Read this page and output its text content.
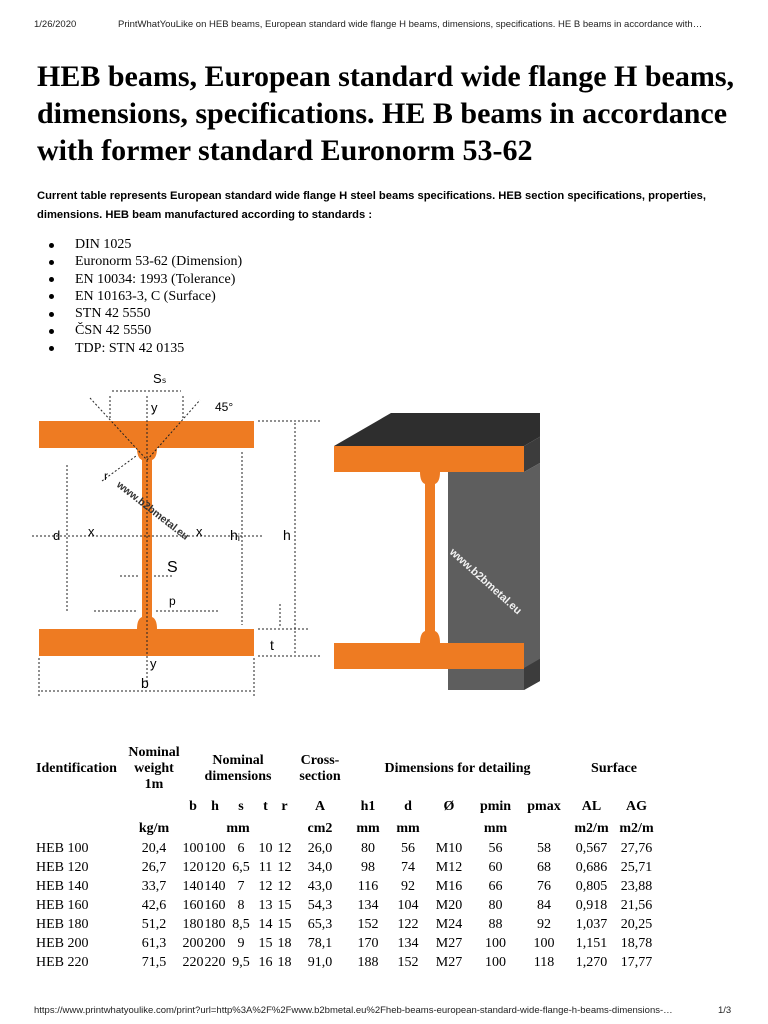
1/26/2020	PrintWhatYouLike on HEB beams, European standard wide flange H beams, dimensions, specifications. HE B beams in accordance with…
HEB beams, European standard wide flange H beams, dimensions, specifications. HE B beams in accordance with former standard Euronorm 53-62

Current table represents European standard wide flange H steel beams specifications. HEB section specifications, properties, dimensions. HEB beam manufactured according to standards :

DIN 1025
Euronorm 53-62 (Dimension)
EN 10034: 1993 (Tolerance)
EN 10163-3, C (Surface)
STN 42 5550
ČSN 42 5550
TDP: STN 42 0135
Sₛ
y	45°
r
d x	x
S
p
hᵢ	h
t
y
b
www.b2bmetal.eu
www.b2bmetal.eu
Identification	Nominal weight 1m	Nominal dimensions					Cross-section	Dimensions for detailing					Surface	
		b	h	s	t	r	A	h1	d	Ø	pmin	pmax	AL	AG
	kg/m	mm					cm2	mm	mm		mm		m2/m	m2/m
HEB 100	20,4	100	100	6	10	12	26,0	80	56	M10	56	58	0,567	27,76
HEB 120	26,7	120	120	6,5	11	12	34,0	98	74	M12	60	68	0,686	25,71
HEB 140	33,7	140	140	7	12	12	43,0	116	92	M16	66	76	0,805	23,88
HEB 160	42,6	160	160	8	13	15	54,3	134	104	M20	80	84	0,918	21,56
HEB 180	51,2	180	180	8,5	14	15	65,3	152	122	M24	88	92	1,037	20,25
HEB 200	61,3	200	200	9	15	18	78,1	170	134	M27	100	100	1,151	18,78
HEB 220	71,5	220	220	9,5	16	18	91,0	188	152	M27	100	118	1,270	17,77
https://www.printwhatyoulike.com/print?url=http%3A%2F%2Fwww.b2bmetal.eu%2Fheb-beams-european-standard-wide-flange-h-beams-dimensions-…	1/3
